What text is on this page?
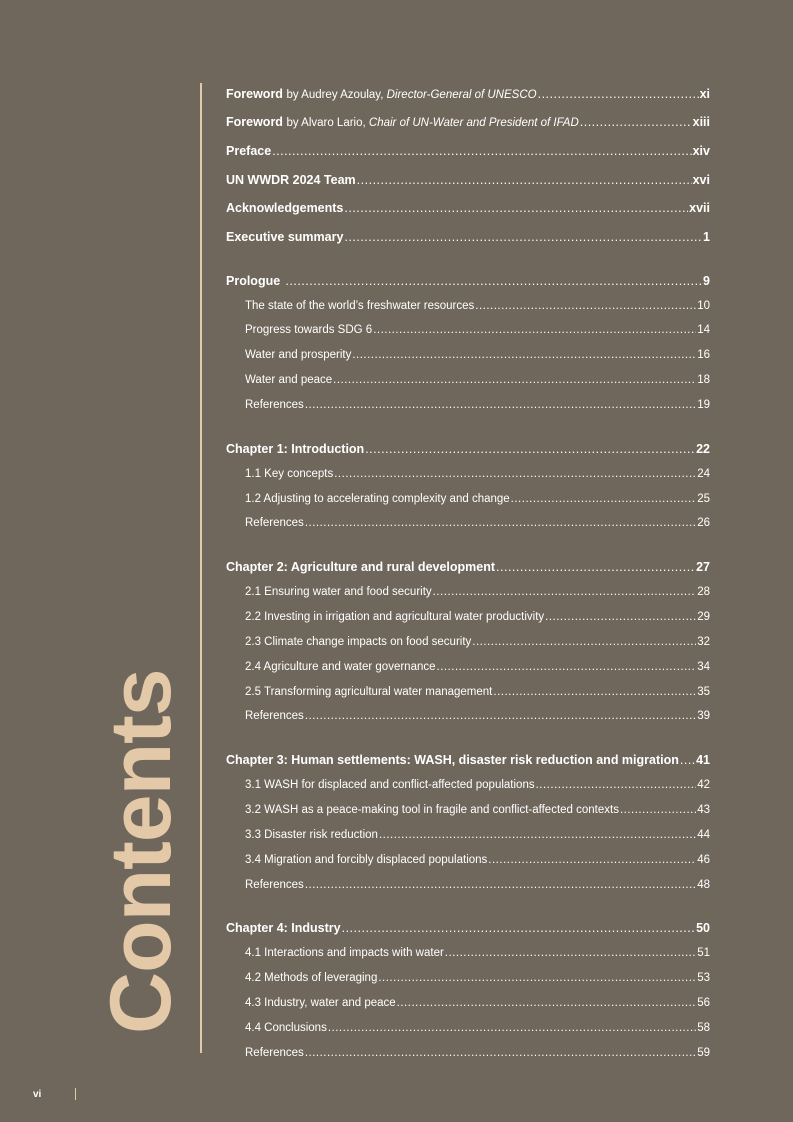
Contents
Foreword by Audrey Azoulay, Director-General of UNESCO .....	xi
Foreword by Alvaro Lario, Chair of UN-Water and President of IFAD .....	xiii
Preface .....	xiv
UN WWDR 2024 Team .....	xvi
Acknowledgements .....	xvii
Executive summary .....	1
Prologue .....	9
The state of the world’s freshwater resources .....	10
Progress towards SDG 6 .....	14
Water and prosperity .....	16
Water and peace .....	18
References .....	19
Chapter 1: Introduction .....	22
1.1 Key concepts .....	24
1.2 Adjusting to accelerating complexity and change .....	25
References .....	26
Chapter 2: Agriculture and rural development .....	27
2.1 Ensuring water and food security .....	28
2.2 Investing in irrigation and agricultural water productivity .....	29
2.3 Climate change impacts on food security .....	32
2.4 Agriculture and water governance .....	34
2.5 Transforming agricultural water management .....	35
References .....	39
Chapter 3: Human settlements: WASH, disaster risk reduction and migration ..... 41
3.1 WASH for displaced and conflict-affected populations .....	42
3.2 WASH as a peace-making tool in fragile and conflict-affected contexts .....	43
3.3 Disaster risk reduction .....	44
3.4 Migration and forcibly displaced populations .....	46
References .....	48
Chapter 4: Industry .....	50
4.1 Interactions and impacts with water .....	51
4.2 Methods of leveraging .....	53
4.3 Industry, water and peace .....	56
4.4 Conclusions .....	58
References .....	59
vi
